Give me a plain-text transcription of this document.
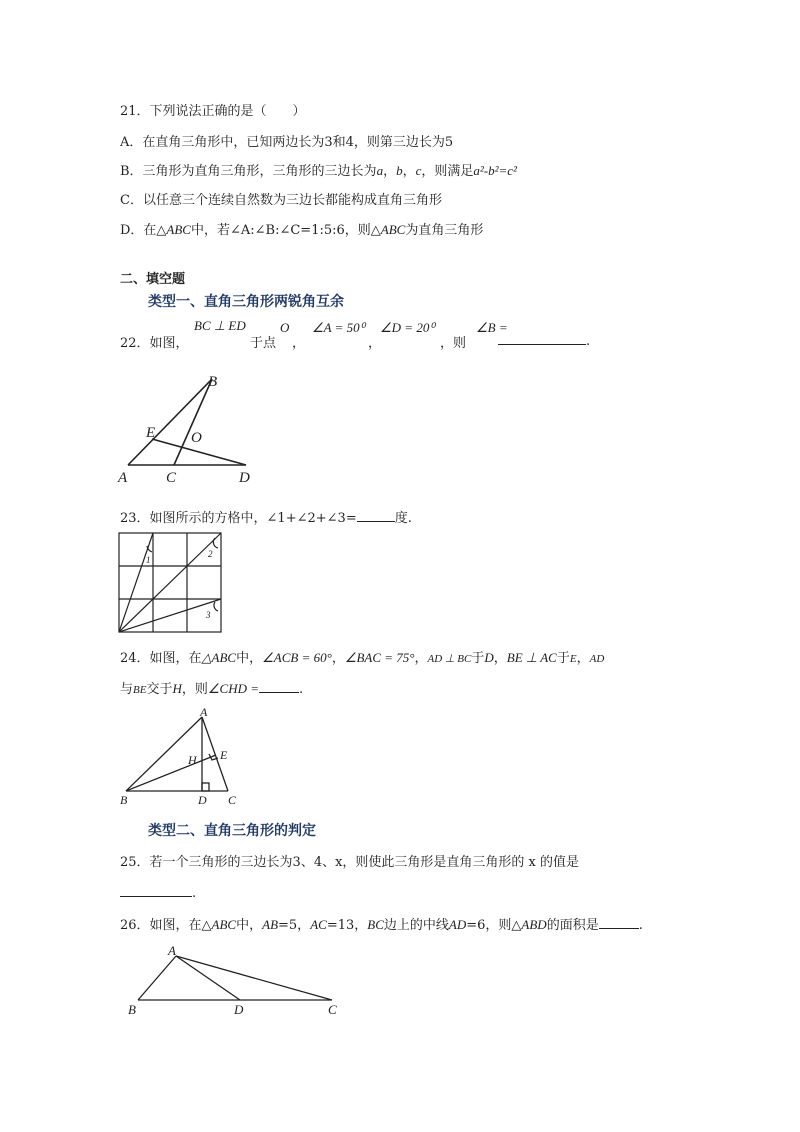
21．下列说法正确的是（　　）
A．在直角三角形中，已知两边长为3和4，则第三边长为5
B．三角形为直角三角形，三角形的三边长为a，b，c，则满足a²-b²=c²
C．以任意三个连续自然数为三边长都能构成直角三角形
D．在△ABC中，若∠A:∠B:∠C=1:5:6，则△ABC为直角三角形
二、填空题
类型一、直角三角形两锐角互余
22．如图，
BC ⊥ ED
于点
O
，
∠A = 50⁰
，
∠D = 20⁰
，则
∠B =
.
A
B
C	D
E O
23．如图所示的方格中，∠1+∠2+∠3=	度.
1
2
3
24．如图，在△ABC中，∠ACB = 60°，∠BAC = 75°，AD ⊥ BC于D，BE ⊥ AC于E，AD
与BE交于H，则∠CHD =	.
A
B	C
D
E
H
类型二、直角三角形的判定
25．若一个三角形的三边长为3、4、x，则使此三角形是直角三角形的 x 的值是
.
26．如图，在△ABC中，AB=5，AC=13，BC边上的中线AD=6，则△ABD的面积是	.
A
B	C
D
